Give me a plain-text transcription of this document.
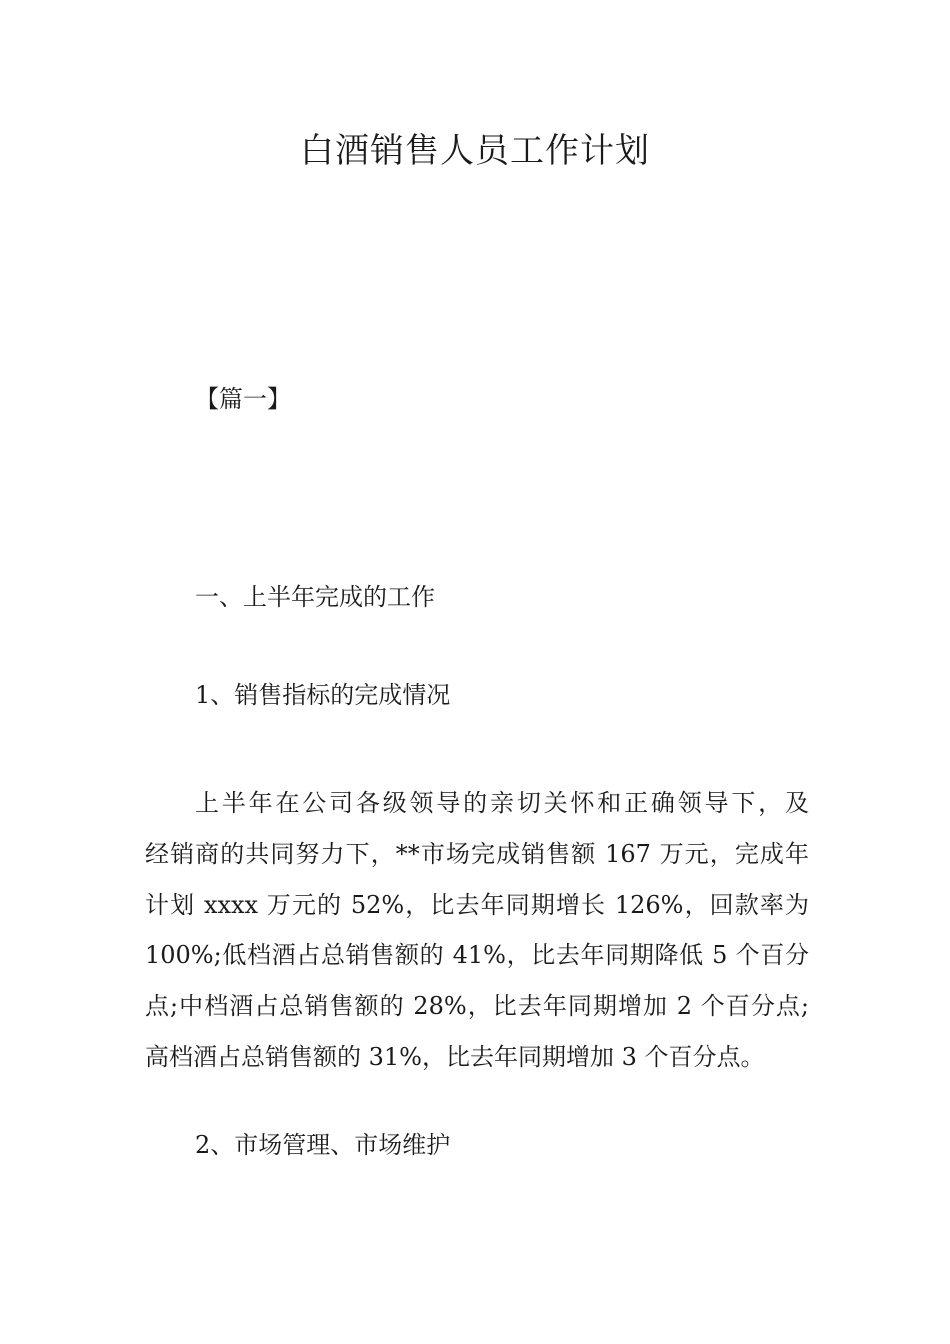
白酒销售人员工作计划
【篇一】
一、上半年完成的工作
1、销售指标的完成情况
上半年在公司各级领导的亲切关怀和正确领导下，及
经销商的共同努力下，**市场完成销售额 167 万元，完成年
计划 xxxx 万元的 52%，比去年同期增长 126%，回款率为
100%;低档酒占总销售额的 41%，比去年同期降低 5 个百分
点;中档酒占总销售额的 28%，比去年同期增加 2 个百分点;
高档酒占总销售额的 31%，比去年同期增加 3 个百分点。
2、市场管理、市场维护
